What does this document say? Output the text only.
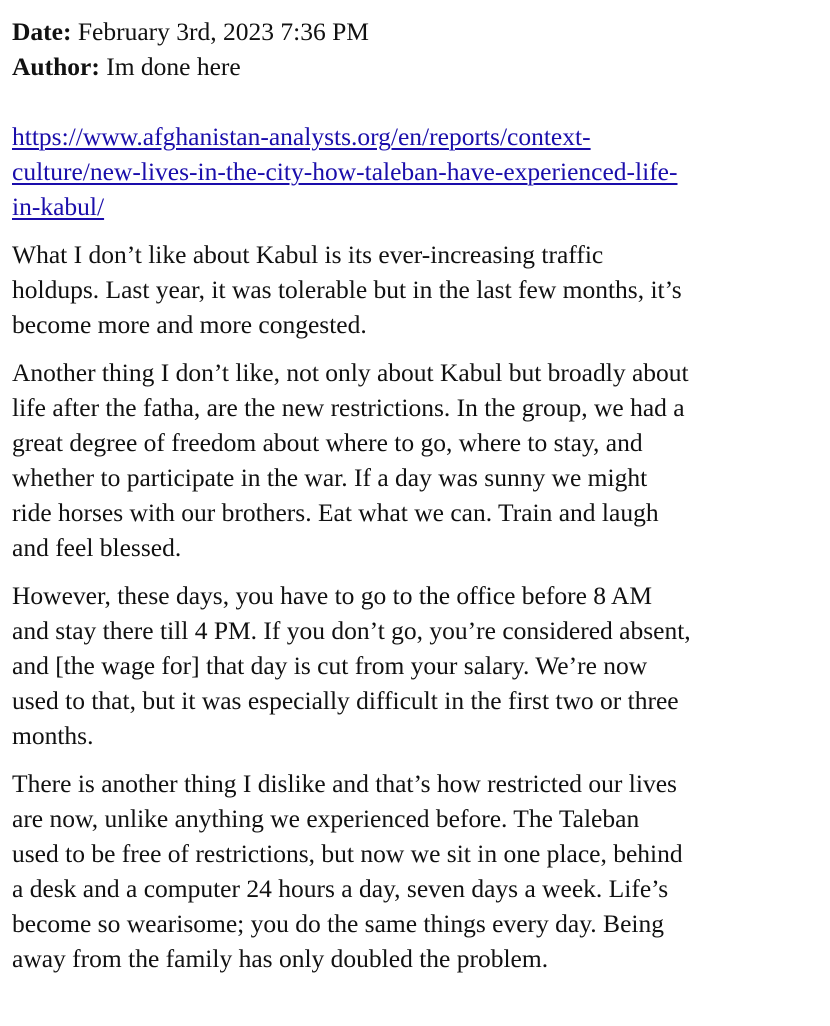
Date: February 3rd, 2023 7:36 PM

Author: Im done here

https://www.afghanistan-analysts.org/en/reports/context-
culture/new-lives-in-the-city-how-taleban-have-experienced-life-
in-kabul/

What I don’t like about Kabul is its ever-increasing traffic
holdups. Last year, it was tolerable but in the last few months, it’s
become more and more congested.

Another thing I don’t like, not only about Kabul but broadly about
life after the fatha, are the new restrictions. In the group, we had a
great degree of freedom about where to go, where to stay, and
whether to participate in the war. If a day was sunny we might
ride horses with our brothers. Eat what we can. Train and laugh
and feel blessed.

However, these days, you have to go to the office before 8 AM
and stay there till 4 PM. If you don’t go, you’re considered absent,
and [the wage for] that day is cut from your salary. We’re now
used to that, but it was especially difficult in the first two or three
months.

There is another thing I dislike and that’s how restricted our lives
are now, unlike anything we experienced before. The Taleban
used to be free of restrictions, but now we sit in one place, behind
a desk and a computer 24 hours a day, seven days a week. Life’s
become so wearisome; you do the same things every day. Being
away from the family has only doubled the problem.
